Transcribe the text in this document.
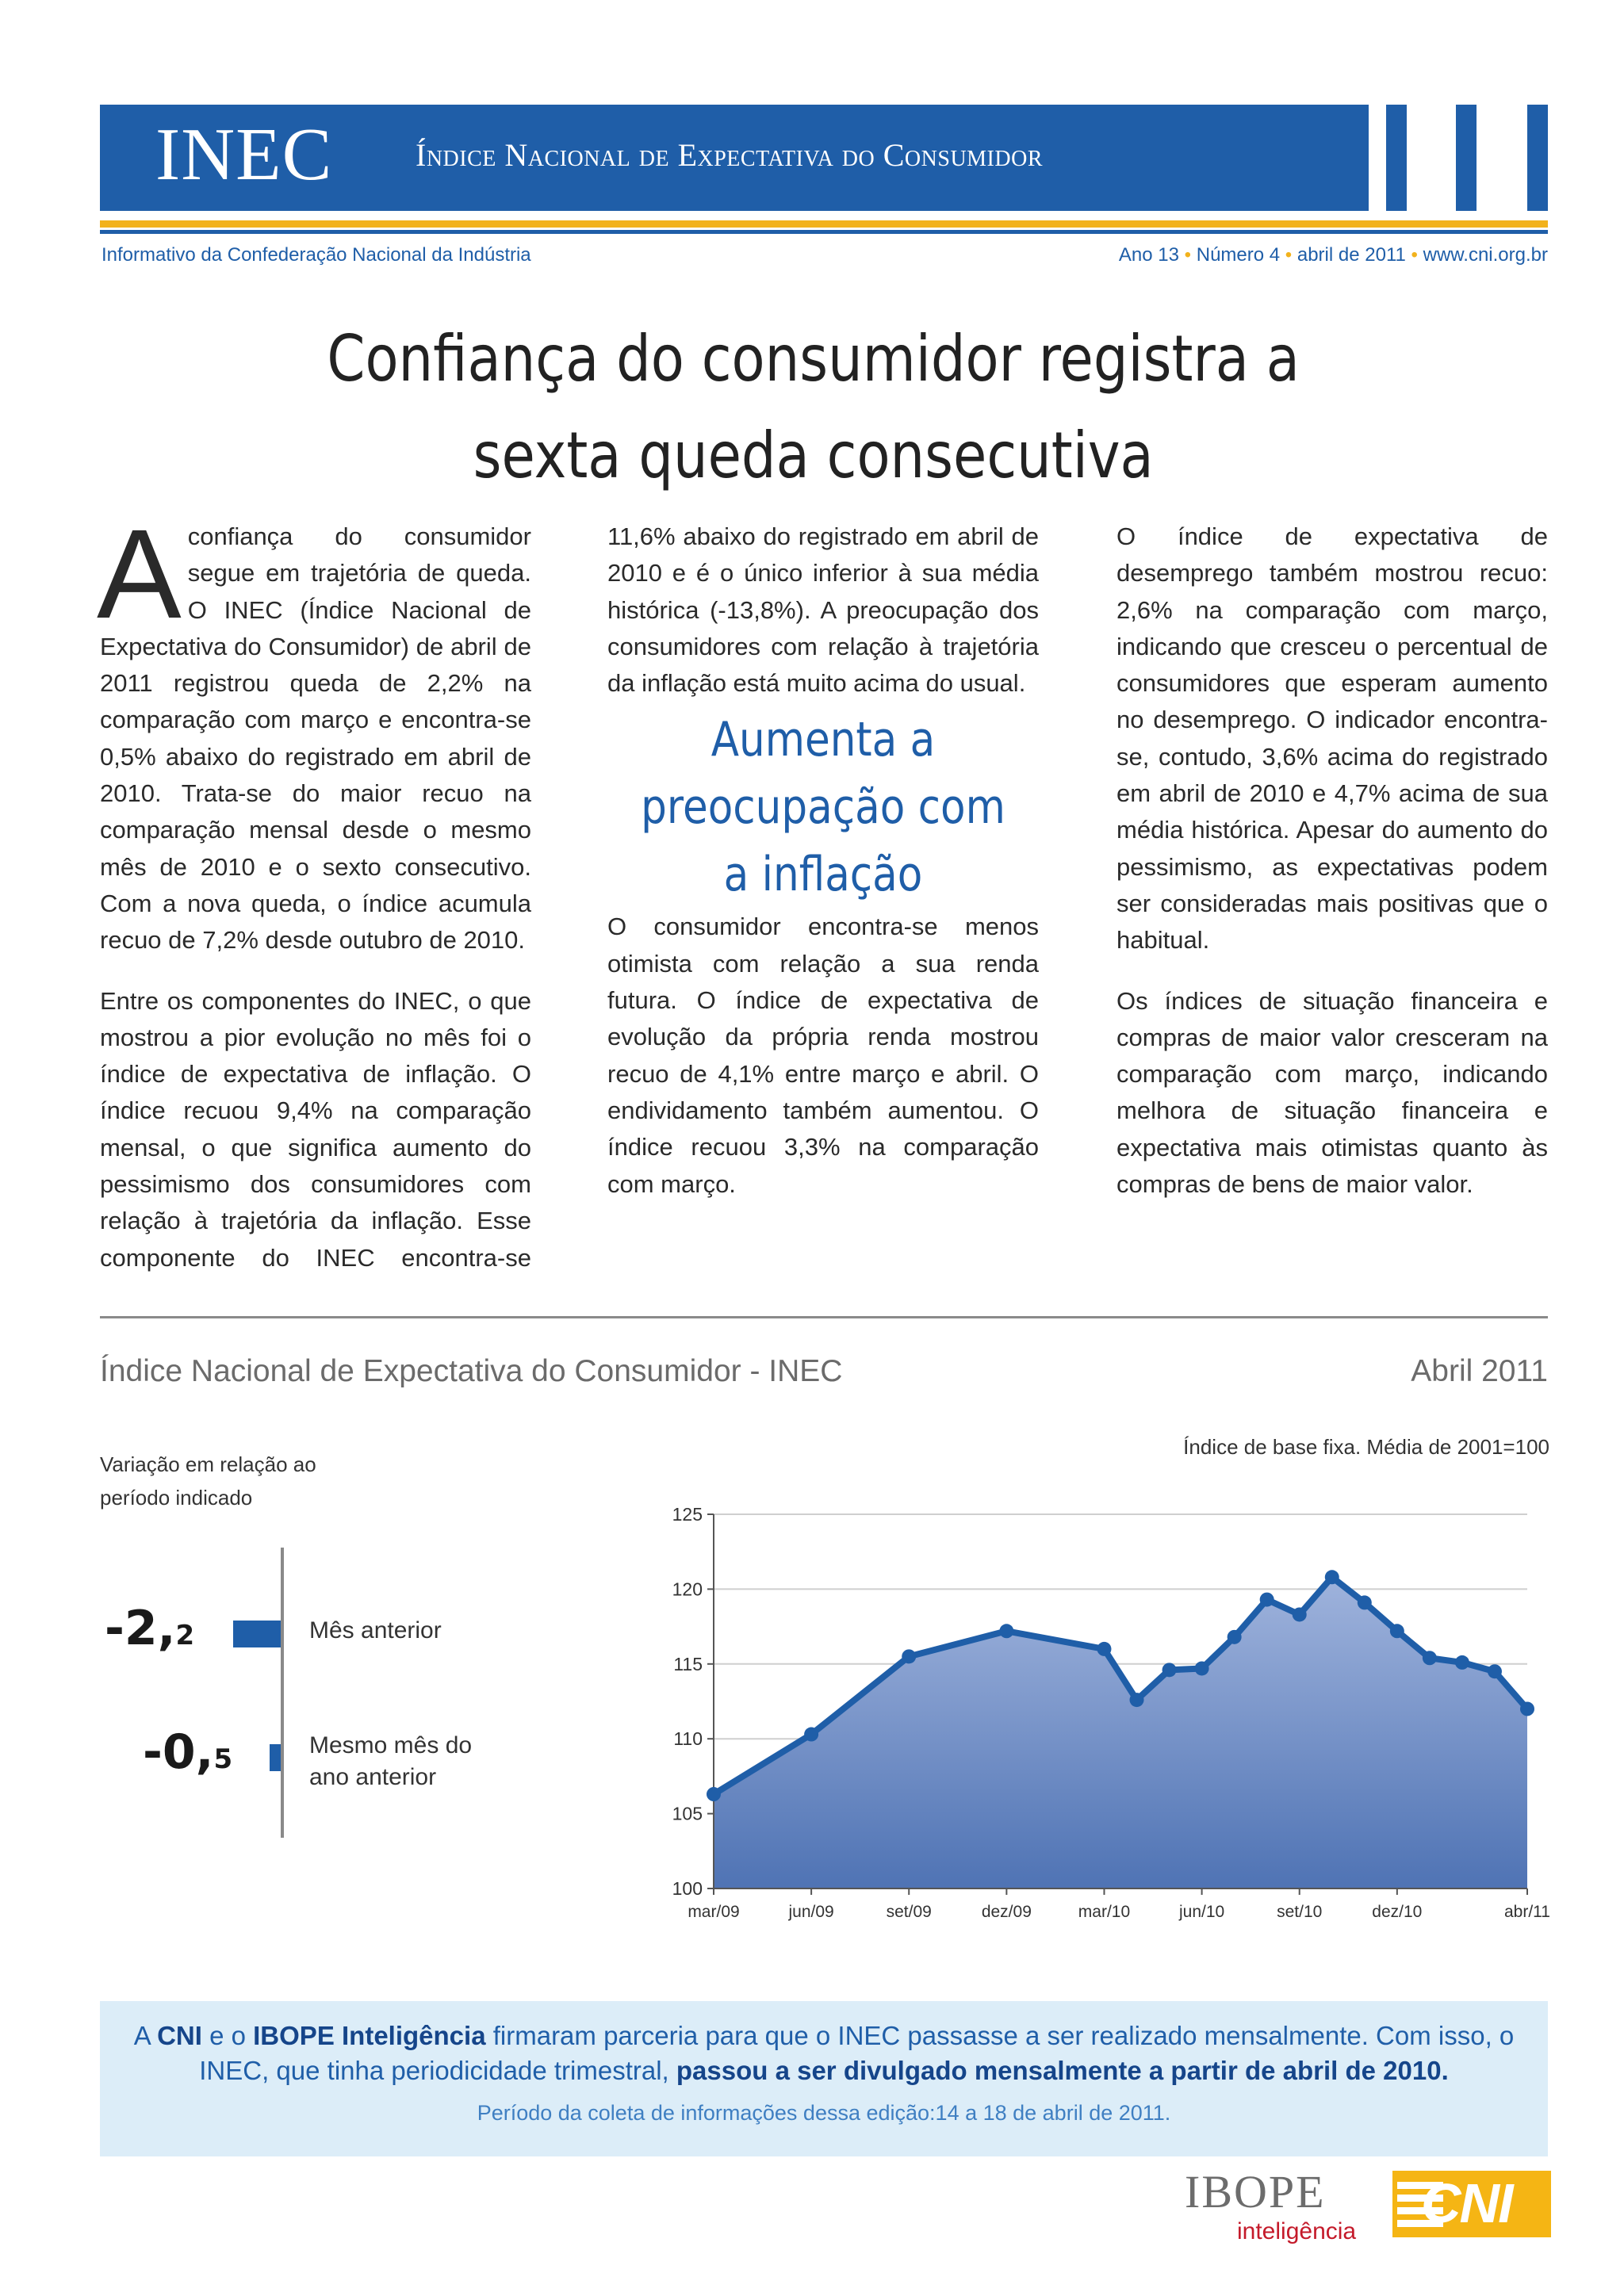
INEC	Índice Nacional de Expectativa do Consumidor
Informativo da Confederação Nacional da Indústria	Ano 13 • Número 4 • abril de 2011 • www.cni.org.br
Confiança do consumidor registra a
sexta queda consecutiva

Aconfiança do consumidor segue em trajetória de queda. O INEC (Índice Nacional de Expectativa do Consumidor) de abril de 2011 registrou queda de 2,2% na comparação com março e encontra-se 0,5% abaixo do registrado em abril de 2010. Trata-se do maior recuo na comparação mensal desde o mesmo mês de 2010 e o sexto consecutivo. Com a nova queda, o índice acumula recuo de 7,2% desde outubro de 2010.

Entre os componentes do INEC, o que mostrou a pior evolução no mês foi o índice de expectativa de inflação. O índice recuou 9,4% na comparação mensal, o que significa aumento do pessimismo dos consumidores com relação à trajetória da inflação. Esse componente do INEC encontra-se

11,6% abaixo do registrado em abril de 2010 e é o único inferior à sua média histórica (-13,8%). A preocupação dos consumidores com relação à trajetória da inflação está muito acima do usual.

Aumenta a
preocupação com
a inflação

O consumidor encontra-se menos otimista com relação a sua renda futura. O índice de expectativa de evolução da própria renda mostrou recuo de 4,1% entre março e abril. O endividamento também aumentou. O índice recuou 3,3% na comparação com março.

O índice de expectativa de desemprego também mostrou recuo: 2,6% na comparação com março, indicando que cresceu o percentual de consumidores que esperam aumento no desemprego. O indicador encontra-se, contudo, 3,6% acima do registrado em abril de 2010 e 4,7% acima de sua média histórica. Apesar do aumento do pessimismo, as expectativas podem ser consideradas mais positivas que o habitual.

Os índices de situação financeira e compras de maior valor cresceram na comparação com março, indicando melhora de situação financeira e expectativa mais otimistas quanto às compras de bens de maior valor.

Índice Nacional de Expectativa do Consumidor - INEC	Abril 2011
Variação em relação ao período indicado
Índice de base fixa. Média de 2001=100
-2,2	Mês anterior
-0,5	Mesmo mês do ano anterior
100
105
110
115
120
125
mar/09	jun/09	set/09	dez/09	mar/10	jun/10	set/10	dez/10	abr/11
A CNI e o IBOPE Inteligência firmaram parceria para que o INEC passasse a ser realizado mensalmente. Com isso, o INEC, que tinha periodicidade trimestral, passou a ser divulgado mensalmente a partir de abril de 2010.
Período da coleta de informações dessa edição:14 a 18 de abril de 2011.
IBOPE
inteligência CNI
